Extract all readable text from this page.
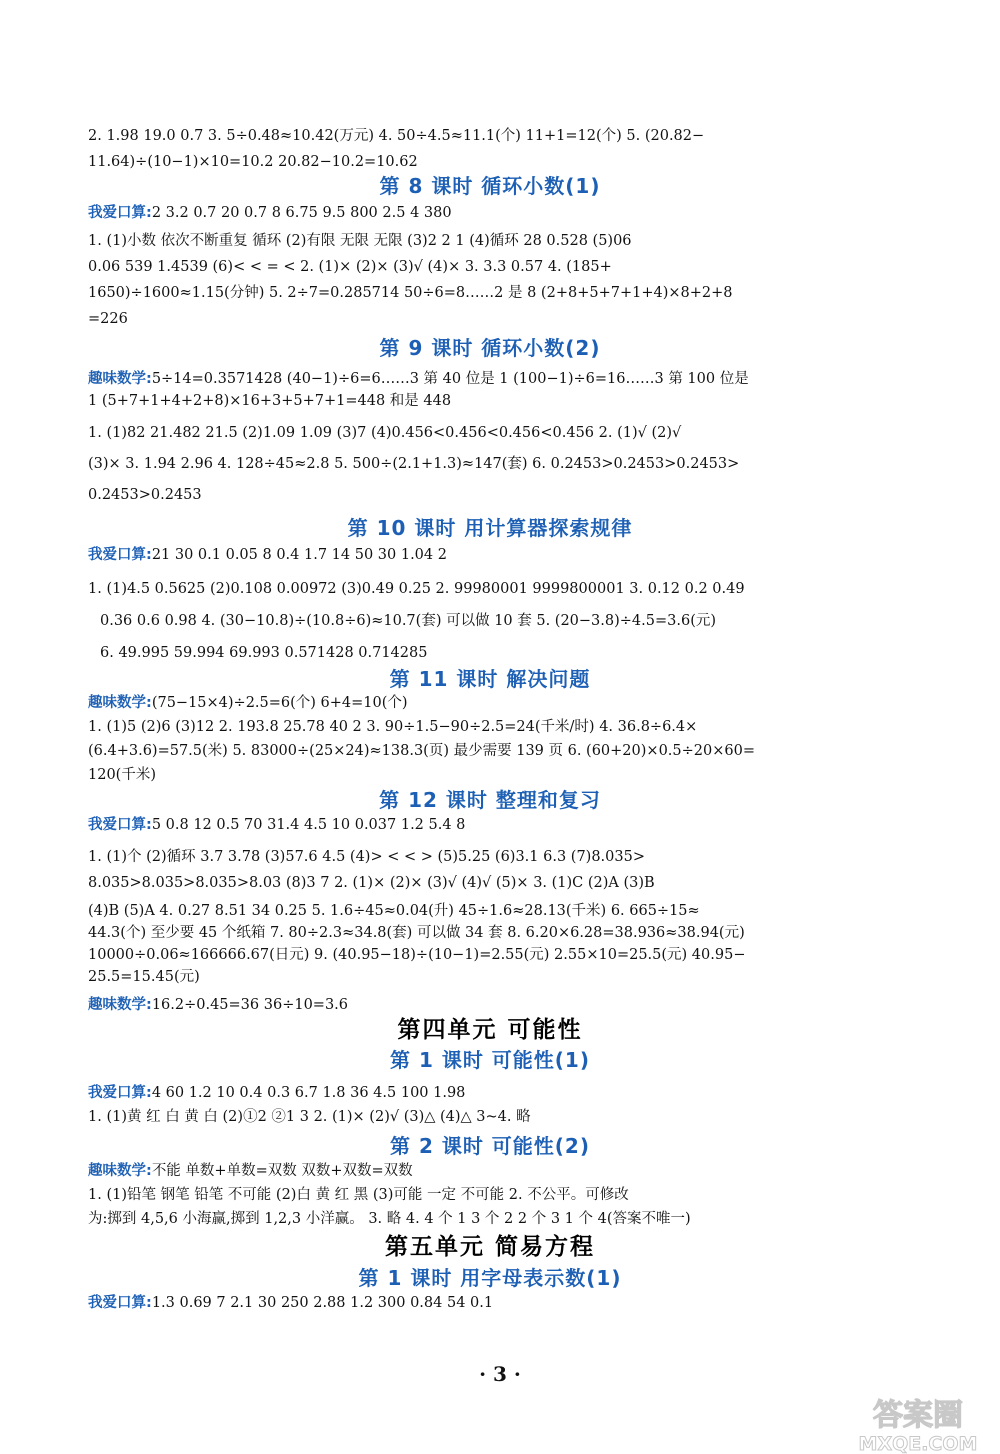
2. 1.98 19.0 0.7 3. 5÷0.48≈10.42(万元) 4. 50÷4.5≈11.1(个) 11+1=12(个) 5. (20.82−
11.64)÷(10−1)×10=10.2 20.82−10.2=10.62
第 8 课时 循环小数(1)
我爱口算:2 3.2 0.7 20 0.7 8 6.75 9.5 800 2.5 4 380
1. (1)小数 依次不断重复 循环 (2)有限 无限 无限 (3)2 2 1 (4)循环 28 0.528 (5)06
0.06 539 1.4539 (6)< < = < 2. (1)× (2)× (3)√ (4)× 3. 3.3 0.57 4. (185+
1650)÷1600≈1.15(分钟) 5. 2÷7=0.285714 50÷6=8……2 是 8 (2+8+5+7+1+4)×8+2+8
=226
第 9 课时 循环小数(2)
趣味数学:5÷14=0.3571428 (40−1)÷6=6……3 第 40 位是 1 (100−1)÷6=16……3 第 100 位是
1 (5+7+1+4+2+8)×16+3+5+7+1=448 和是 448
1. (1)82 21.482 21.5 (2)1.09 1.09 (3)7 (4)0.456<0.456<0.456<0.456 2. (1)√ (2)√
(3)× 3. 1.94 2.96 4. 128÷45≈2.8 5. 500÷(2.1+1.3)≈147(套) 6. 0.2453>0.2453>0.2453>
0.2453>0.2453
第 10 课时 用计算器探索规律
我爱口算:21 30 0.1 0.05 8 0.4 1.7 14 50 30 1.04 2
1. (1)4.5 0.5625 (2)0.108 0.00972 (3)0.49 0.25 2. 99980001 9999800001 3. 0.12 0.2 0.49
0.36 0.6 0.98 4. (30−10.8)÷(10.8÷6)≈10.7(套) 可以做 10 套 5. (20−3.8)÷4.5=3.6(元)
6. 49.995 59.994 69.993 0.571428 0.714285
第 11 课时 解决问题
趣味数学:(75−15×4)÷2.5=6(个) 6+4=10(个)
1. (1)5 (2)6 (3)12 2. 193.8 25.78 40 2 3. 90÷1.5−90÷2.5=24(千米/时) 4. 36.8÷6.4×
(6.4+3.6)=57.5(米) 5. 83000÷(25×24)≈138.3(页) 最少需要 139 页 6. (60+20)×0.5÷20×60=
120(千米)
第 12 课时 整理和复习
我爱口算:5 0.8 12 0.5 70 31.4 4.5 10 0.037 1.2 5.4 8
1. (1)个 (2)循环 3.7 3.78 (3)57.6 4.5 (4)> < < > (5)5.25 (6)3.1 6.3 (7)8.035>
8.035>8.035>8.035>8.03 (8)3 7 2. (1)× (2)× (3)√ (4)√ (5)× 3. (1)C (2)A (3)B
(4)B (5)A 4. 0.27 8.51 34 0.25 5. 1.6÷45≈0.04(升) 45÷1.6≈28.13(千米) 6. 665÷15≈
44.3(个) 至少要 45 个纸箱 7. 80÷2.3≈34.8(套) 可以做 34 套 8. 6.20×6.28=38.936≈38.94(元)
10000÷0.06≈166666.67(日元) 9. (40.95−18)÷(10−1)=2.55(元) 2.55×10=25.5(元) 40.95−
25.5=15.45(元)
趣味数学:16.2÷0.45=36 36÷10=3.6
第四单元 可能性
第 1 课时 可能性(1)
我爱口算:4 60 1.2 10 0.4 0.3 6.7 1.8 36 4.5 100 1.98
1. (1)黄 红 白 黄 白 (2)①2 ②1 3 2. (1)× (2)√ (3)△ (4)△ 3~4. 略
第 2 课时 可能性(2)
趣味数学:不能 单数+单数=双数 双数+双数=双数
1. (1)铅笔 钢笔 铅笔 不可能 (2)白 黄 红 黑 (3)可能 一定 不可能 2. 不公平。可修改
为:掷到 4,5,6 小海赢,掷到 1,2,3 小洋赢。 3. 略 4. 4 个 1 3 个 2 2 个 3 1 个 4(答案不唯一)
第五单元 简易方程
第 1 课时 用字母表示数(1)
我爱口算:1.3 0.69 7 2.1 30 250 2.88 1.2 300 0.84 54 0.1
· 3 ·
答案圈
MXQE.COM
